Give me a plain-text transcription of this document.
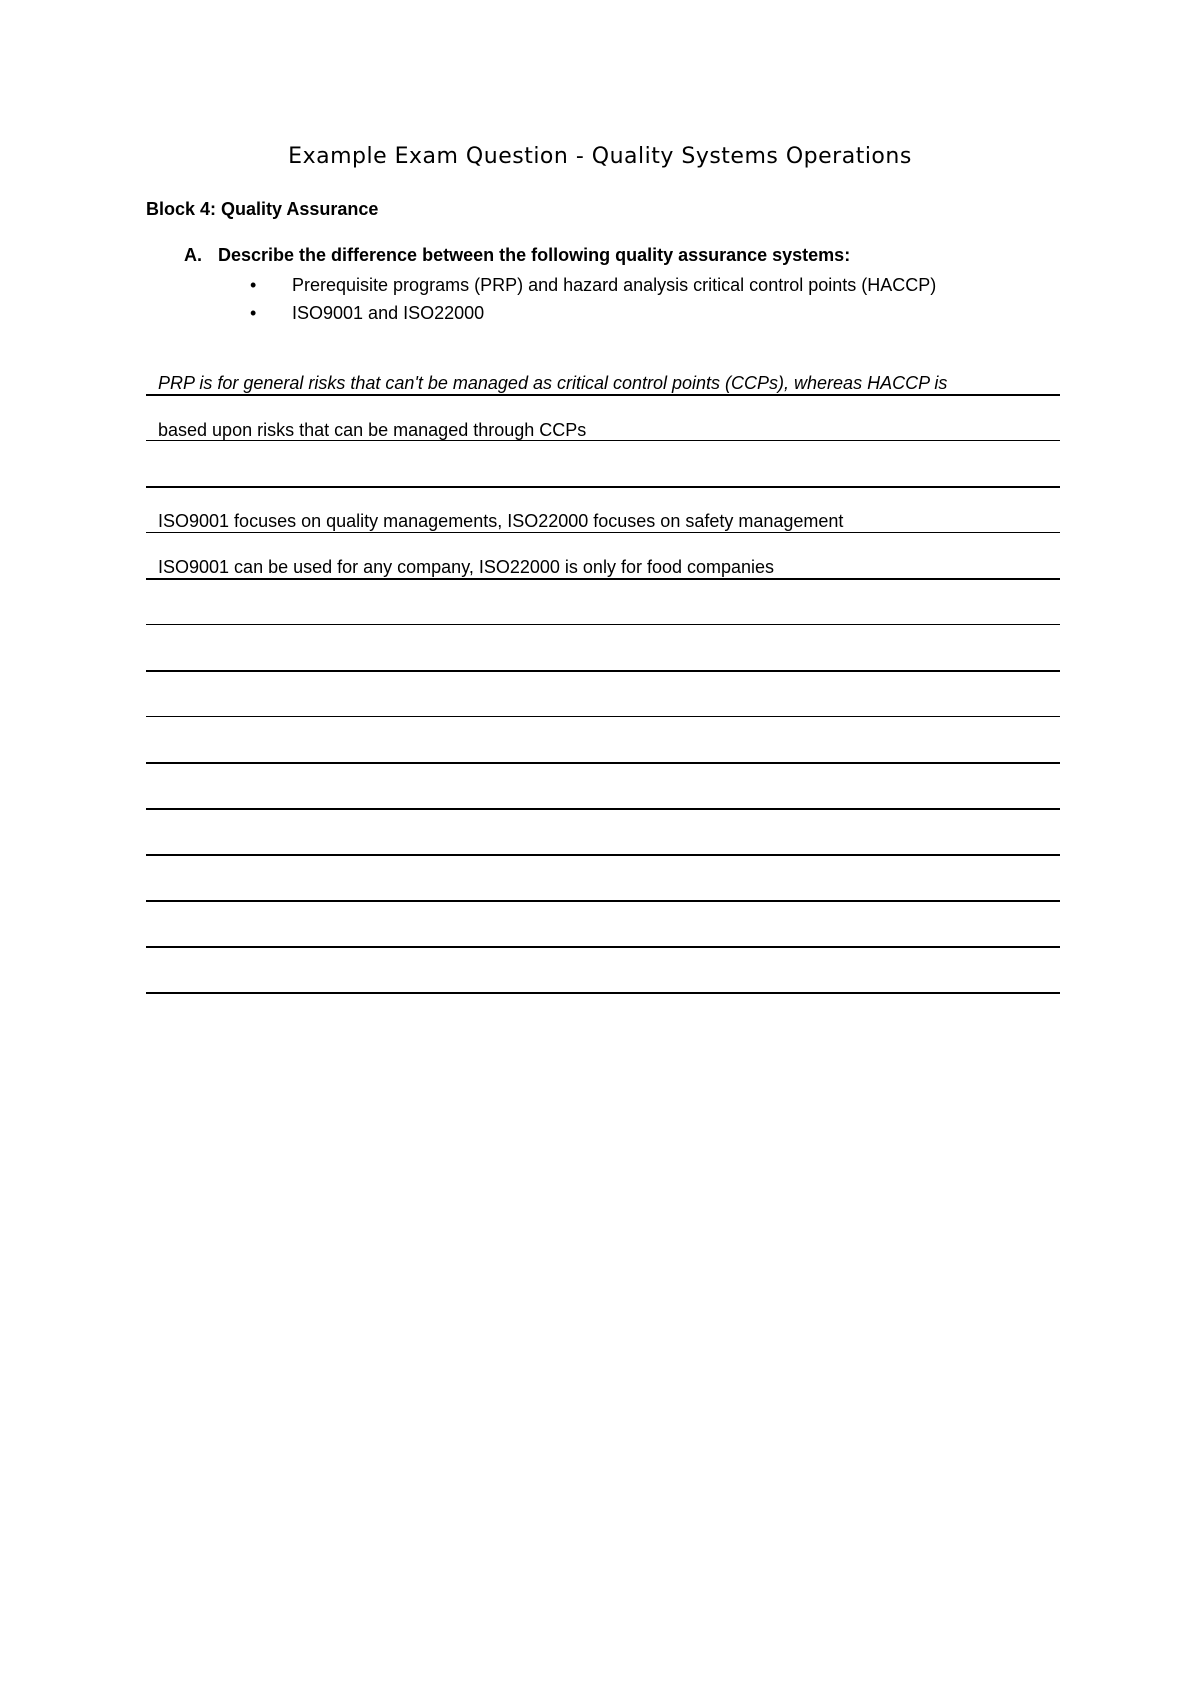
Example Exam Question - Quality Systems Operations
Block 4: Quality Assurance
A. Describe the difference between the following quality assurance systems:
• Prerequisite programs (PRP) and hazard analysis critical control points (HACCP)
• ISO9001 and ISO22000
PRP is for general risks that can't be managed as critical control points (CCPs), whereas HACCP is
based upon risks that can be managed through CCPs
ISO9001 focuses on quality managements, ISO22000 focuses on safety management
ISO9001 can be used for any company, ISO22000 is only for food companies
